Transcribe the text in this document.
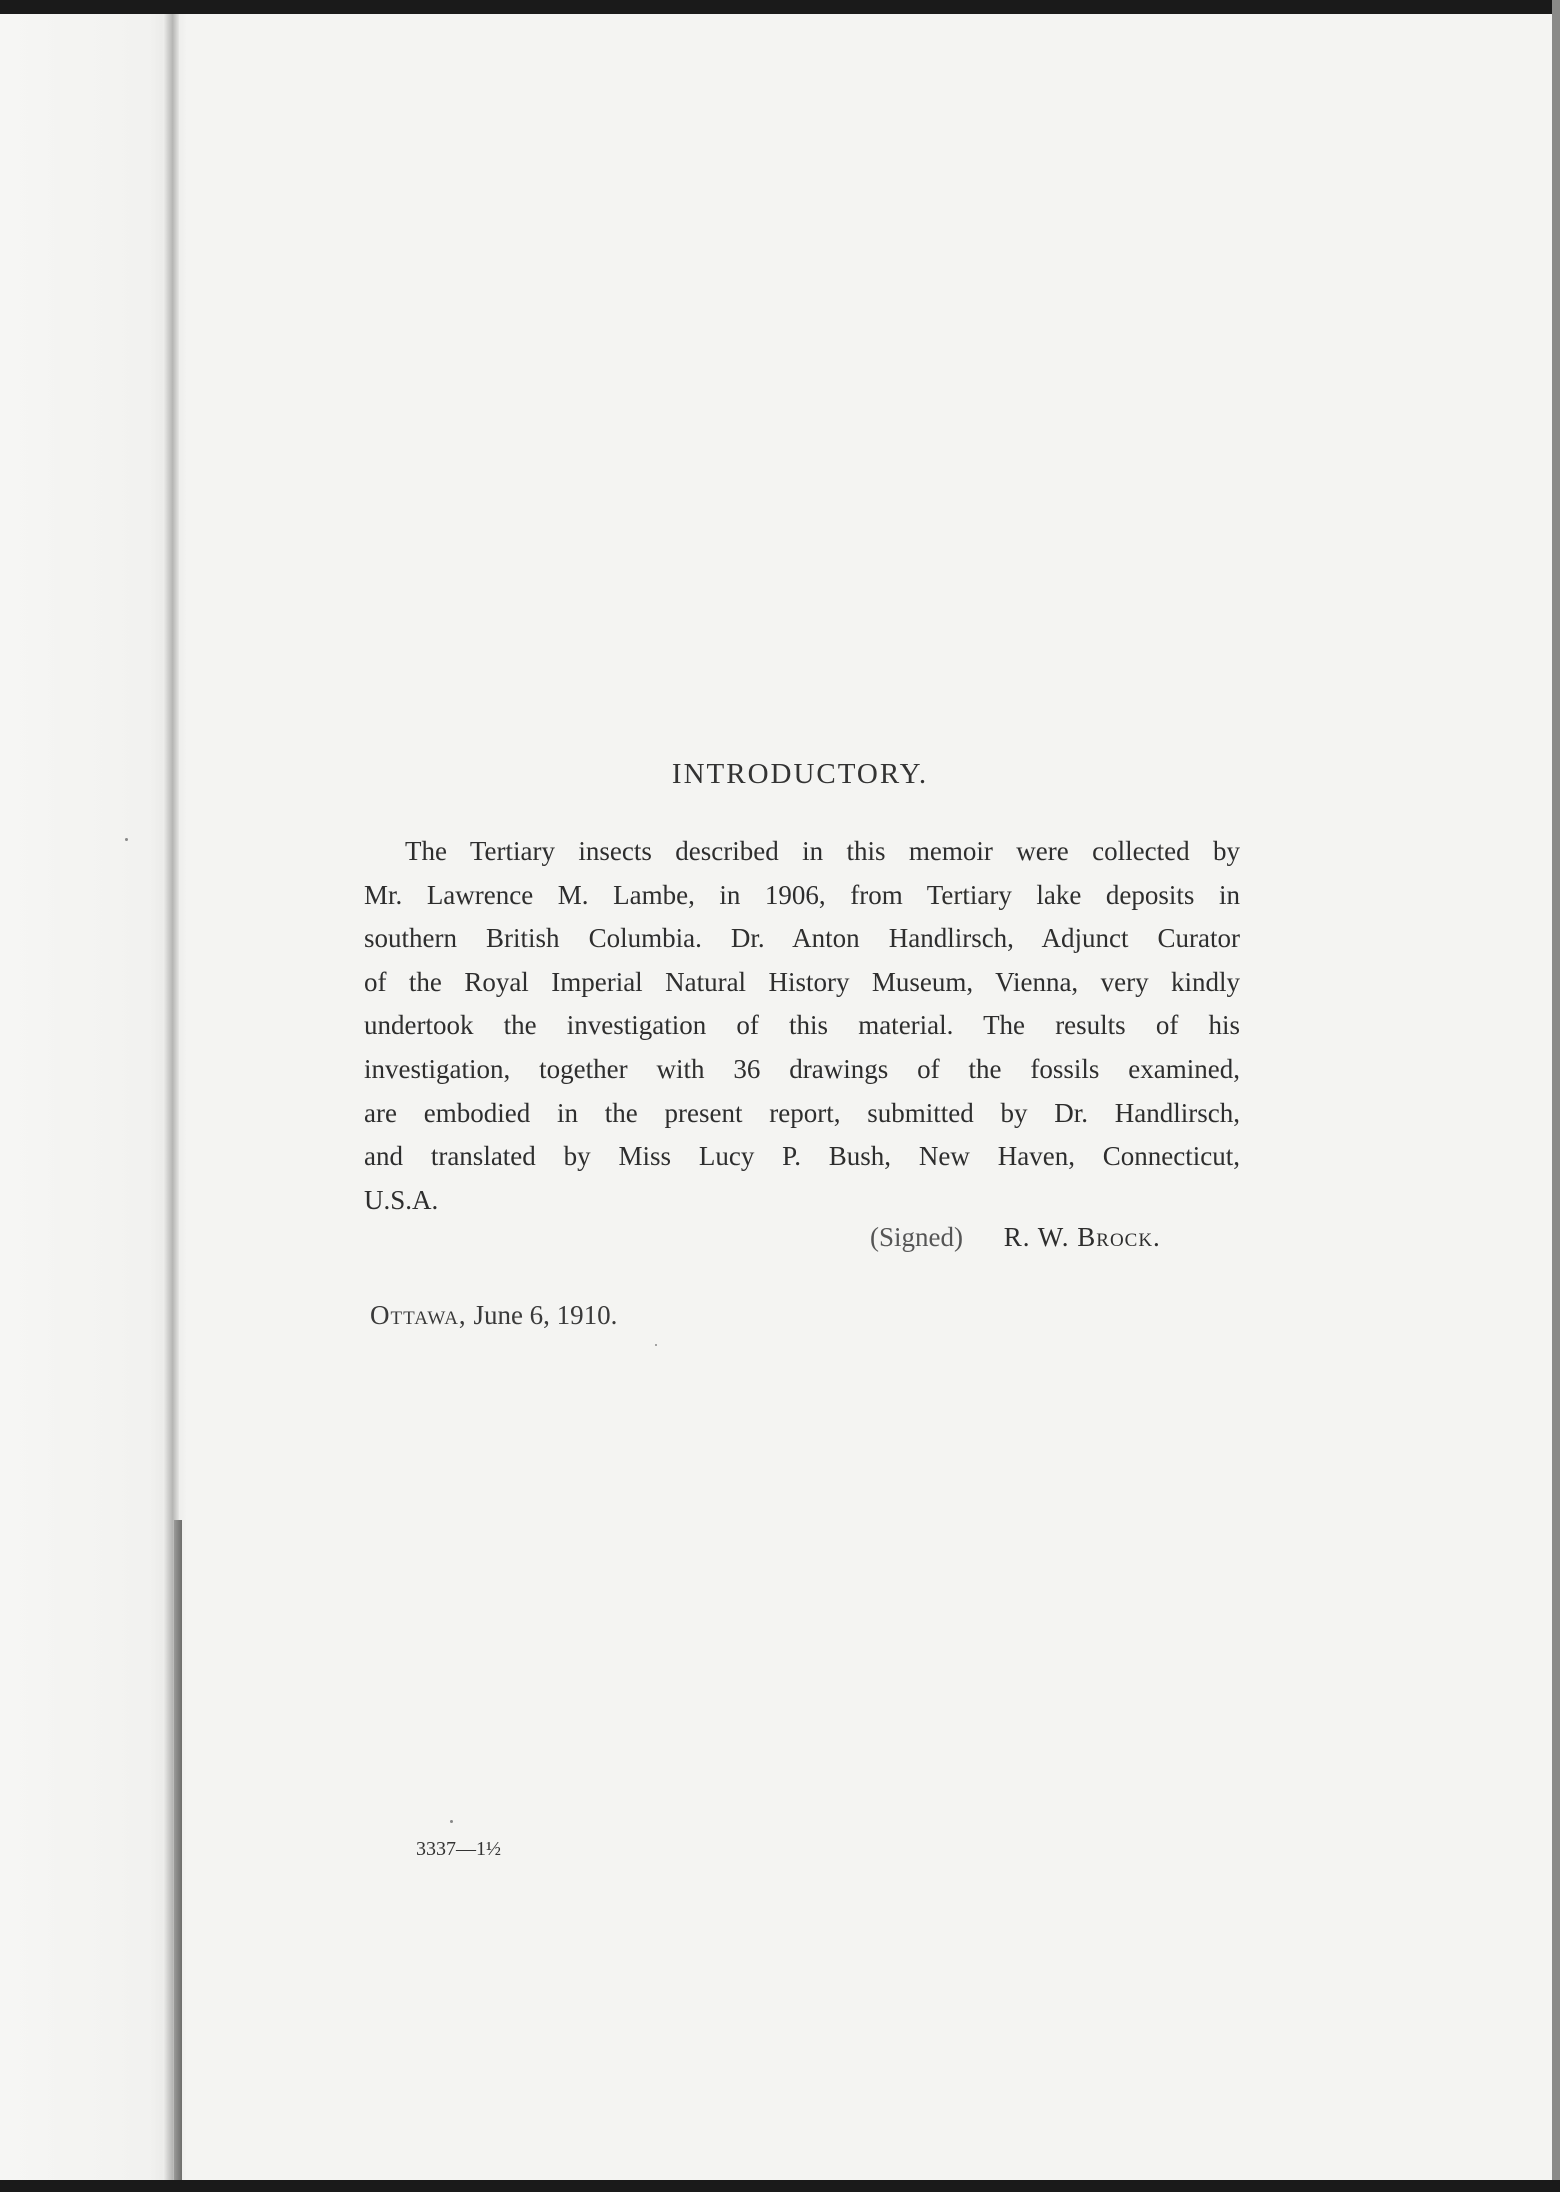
INTRODUCTORY.

The Tertiary insects described in this memoir were collected by
Mr. Lawrence M. Lambe, in 1906, from Tertiary lake deposits in
southern British Columbia. Dr. Anton Handlirsch, Adjunct Curator
of the Royal Imperial Natural History Museum, Vienna, very kindly
undertook the investigation of this material. The results of his
investigation, together with 36 drawings of the fossils examined,
are embodied in the present report, submitted by Dr. Handlirsch,
and translated by Miss Lucy P. Bush, New Haven, Connecticut,
U.S.A.

(Signed) R. W. Brock.
Ottawa, June 6, 1910.
3337—1½
